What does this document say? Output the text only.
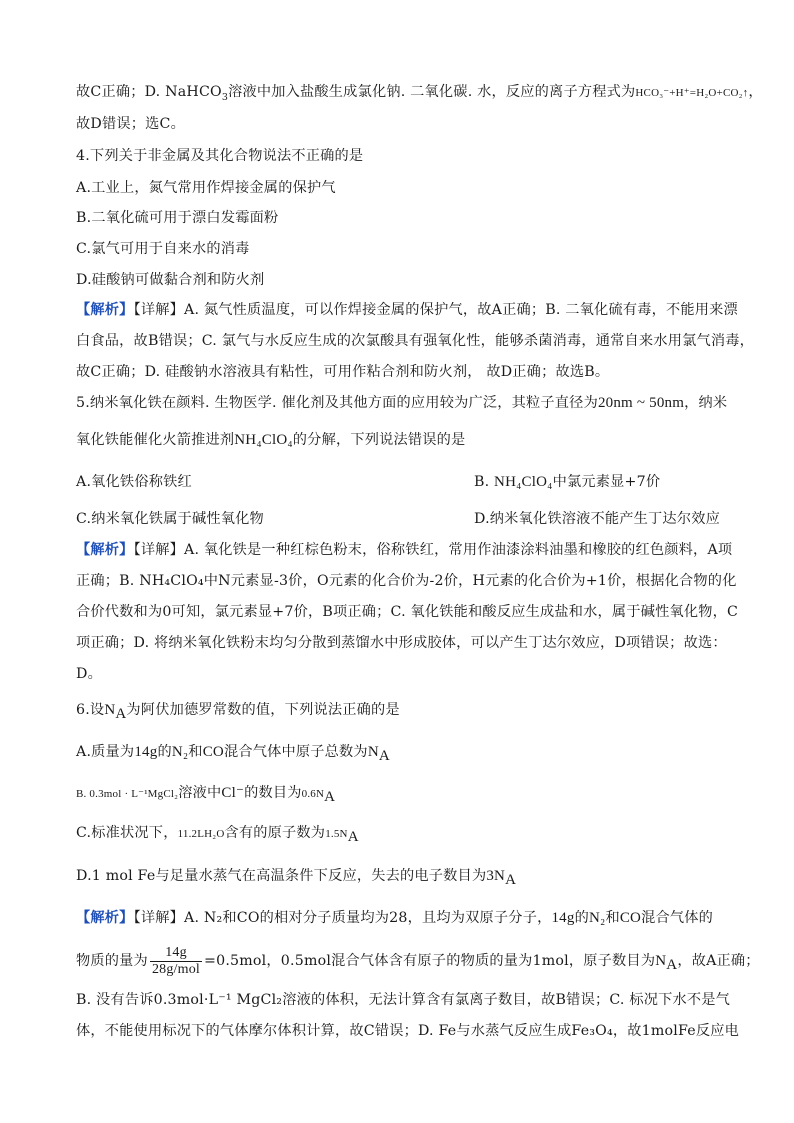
故C正确；D. NaHCO$_3$溶液中加入盐酸生成氯化钠. 二氧化碳. 水，反应的离子方程式为HCO₃⁻+H⁺=H₂O+CO₂↑，
故D错误；选C。
4.下列关于非金属及其化合物说法不正确的是
A.工业上，氮气常用作焊接金属的保护气
B.二氧化硫可用于漂白发霉面粉
C.氯气可用于自来水的消毒
D.硅酸钠可做黏合剂和防火剂
【解析】【详解】A. 氮气性质温度，可以作焊接金属的保护气，故A正确；B. 二氧化硫有毒，不能用来漂
白食品，故B错误；C. 氯气与水反应生成的次氯酸具有强氧化性，能够杀菌消毒，通常自来水用氯气消毒，
故C正确；D. 硅酸钠水溶液具有粘性，可用作粘合剂和防火剂， 故D正确；故选B。
5.纳米氧化铁在颜料. 生物医学. 催化剂及其他方面的应用较为广泛，其粒子直径为20nm ~ 50nm，纳米
氧化铁能催化火箭推进剂NH₄ClO₄的分解，下列说法错误的是
A.氧化铁俗称铁红	B. NH₄ClO₄中氯元素显+7价
C.纳米氧化铁属于碱性氧化物	D.纳米氧化铁溶液不能产生丁达尔效应
【解析】【详解】A. 氧化铁是一种红棕色粉末，俗称铁红，常用作油漆涂料油墨和橡胶的红色颜料，A项
正确；B. NH₄ClO₄中N元素显-3价，O元素的化合价为-2价，H元素的化合价为+1价，根据化合物的化
合价代数和为0可知，氯元素显+7价，B项正确；C. 氧化铁能和酸反应生成盐和水，属于碱性氧化物，C
项正确；D. 将纳米氧化铁粉末均匀分散到蒸馏水中形成胶体，可以产生丁达尔效应，D项错误；故选：
D。
6.设$N_A$为阿伏加德罗常数的值，下列说法正确的是
A.质量为14g的N₂和CO混合气体中原子总数为$N_A$
B. 0.3mol · L⁻¹MgCl₂溶液中Cl⁻的数目为$0.6N_A$
C.标准状况下，11.2LH₂O含有的原子数为$1.5N_A$
D.1 mol Fe与足量水蒸气在高温条件下反应，失去的电子数目为$3N_A$
【解析】【详解】A. N₂和CO的相对分子质量均为28，且均为双原子分子，14g的N₂和CO混合气体的
物质的量为 $\frac{14g}{\text{28g/mol}} =0.5mol$，0.5mol混合气体含有原子的物质的量为1mol，原子数目为$N_A$，故A正确；
B. 没有告诉0.3mol·L⁻¹ MgCl₂溶液的体积，无法计算含有氯离子数目，故B错误；C. 标况下水不是气
体，不能使用标况下的气体摩尔体积计算，故C错误；D. Fe与水蒸气反应生成Fe₃O₄，故1molFe反应电
